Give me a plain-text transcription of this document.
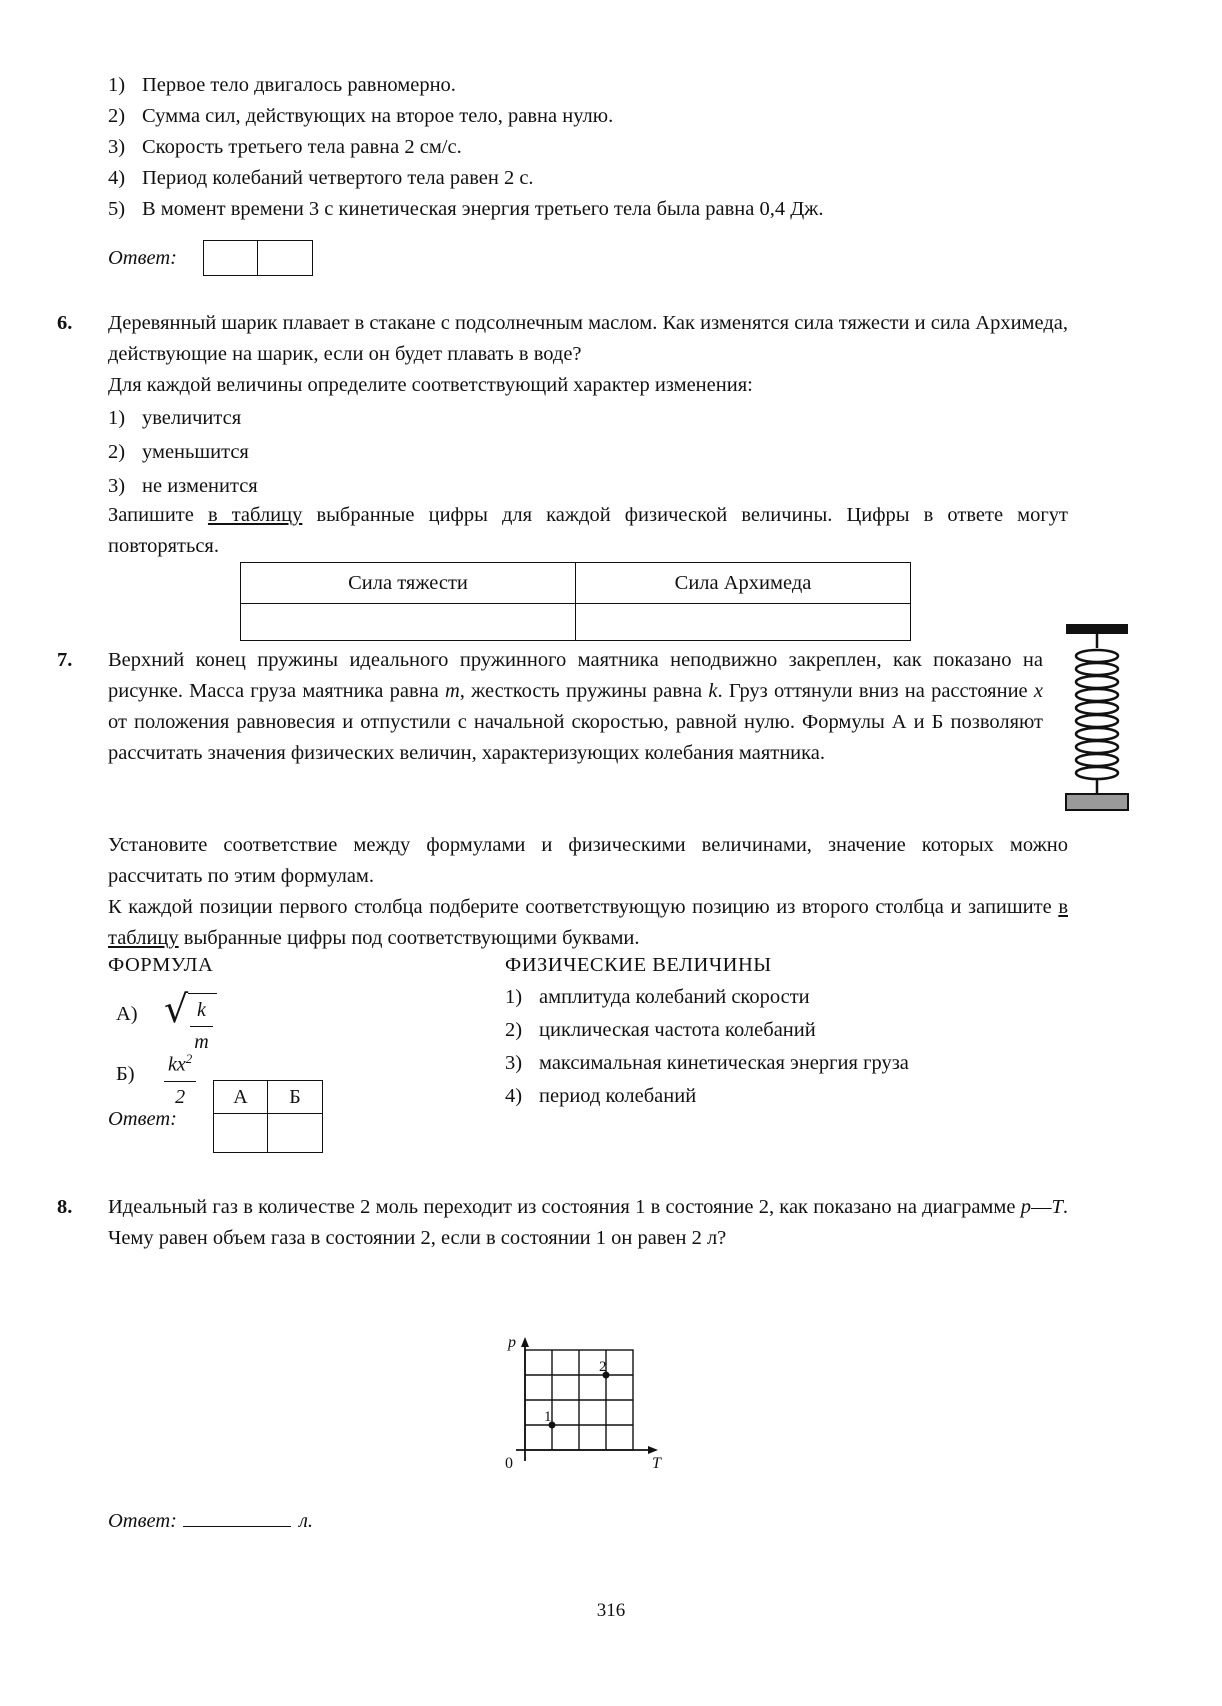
1) Первое тело двигалось равномерно.
2) Сумма сил, действующих на второе тело, равна нулю.
3) Скорость третьего тела равна 2 см/с.
4) Период колебаний четвертого тела равен 2 с.
5) В момент времени 3 с кинетическая энергия третьего тела была равна 0,4 Дж.
Ответ:
6. Деревянный шарик плавает в стакане с подсолнечным маслом. Как изменятся сила тяжести и сила Архимеда, действующие на шарик, если он будет плавать в воде?
Для каждой величины определите соответствующий характер изменения:
1) увеличится
2) уменьшится
3) не изменится
Запишите в таблицу выбранные цифры для каждой физической величины. Цифры в ответе могут повторяться.
Сила тяжести	Сила Архимеда

7. Верхний конец пружины идеального пружинного маятника неподвижно закреплен, как показано на рисунке. Масса груза маятника равна m, жесткость пружины равна k. Груз оттянули вниз на расстояние x от положения равновесия и отпустили с начальной скоростью, равной нулю. Формулы А и Б позволяют рассчитать значения физических величин, характеризующих колебания маятника.
Установите соответствие между формулами и физическими величинами, значение которых можно рассчитать по этим формулам.
К каждой позиции первого столбца подберите соответствующую позицию из второго столбца и запишите в таблицу выбранные цифры под соответствующими буквами.
ФОРМУЛА
А) √ $\frac{k}{m}$
$Б) \frac{kx^2}{2}$
ФИЗИЧЕСКИЕ ВЕЛИЧИНЫ
1) амплитуда колебаний скорости
2) циклическая частота колебаний
3) максимальная кинетическая энергия груза
4) период колебаний
Ответ:
А	Б
8. Идеальный газ в количестве 2 моль переходит из состояния 1 в состояние 2, как показано на диаграмме p—T. Чему равен объем газа в состоянии 2, если в состоянии 1 он равен 2 л?
1
2
p
T
0
Ответ:	л.
316
